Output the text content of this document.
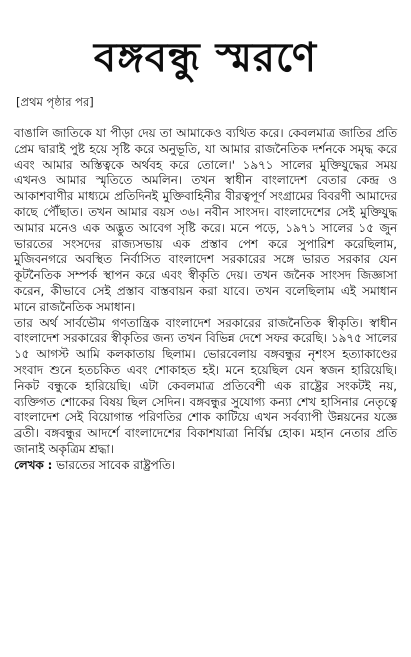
বঙ্গবন্ধু স্মরণে

[প্রথম পৃষ্ঠার পর]

বাঙালি জাতিকে যা পীড়া দেয় তা আমাকেও ব্যথিত করে। কেবলমাত্র জাতির প্রতি প্রেম দ্বারাই পুষ্ট হয়ে সৃষ্টি করে অনুভূতি, যা আমার রাজনৈতিক দর্শনকে সমৃদ্ধ করে এবং আমার অস্তিত্বকে অর্থবহ করে তোলে।' ১৯৭১ সালের মুক্তিযুদ্ধের সময় এখনও আমার স্মৃতিতে অমলিন। তখন স্বাধীন বাংলাদেশ বেতার কেন্দ্র ও আকাশবাণীর মাধ্যমে প্রতিদিনই মুক্তিবাহিনীর বীরত্বপূর্ণ সংগ্রামের বিবরণী আমাদের কাছে পৌঁছাত। তখন আমার বয়স ৩৬। নবীন সাংসদ। বাংলাদেশের সেই মুক্তিযুদ্ধ আমার মনেও এক অদ্ভুত আবেগ সৃষ্টি করে। মনে পড়ে, ১৯৭১ সালের ১৫ জুন ভারতের সংসদের রাজ্যসভায় এক প্রস্তাব পেশ করে সুপারিশ করেছিলাম, মুজিবনগরে অবস্থিত নির্বাসিত বাংলাদেশ সরকারের সঙ্গে ভারত সরকার যেন কূটনৈতিক সম্পর্ক স্থাপন করে এবং স্বীকৃতি দেয়। তখন জনৈক সাংসদ জিজ্ঞাসা করেন, কীভাবে সেই প্রস্তাব বাস্তবায়ন করা যাবে। তখন বলেছিলাম এই সমাধান মানে রাজনৈতিক সমাধান।

তার অর্থ সার্বভৌম গণতান্ত্রিক বাংলাদেশ সরকারের রাজনৈতিক স্বীকৃতি। স্বাধীন বাংলাদেশ সরকারের স্বীকৃতির জন্য তখন বিভিন্ন দেশে সফর করেছি। ১৯৭৫ সালের ১৫ আগস্ট আমি কলকাতায় ছিলাম। ভোরবেলায় বঙ্গবন্ধুর নৃশংস হত্যাকাণ্ডের সংবাদ শুনে হতচকিত এবং শোকাহত হই। মনে হয়েছিল যেন স্বজন হারিয়েছি। নিকট বন্ধুকে হারিয়েছি। এটা কেবলমাত্র প্রতিবেশী এক রাষ্ট্রের সংকটই নয়, ব্যক্তিগত শোকের বিষয় ছিল সেদিন। বঙ্গবন্ধুর সুযোগ্য কন্যা শেখ হাসিনার নেতৃত্বে বাংলাদেশ সেই বিয়োগান্ত পরিণতির শোক কাটিয়ে এখন সর্বব্যাপী উন্নয়নের যজ্ঞে ব্রতী। বঙ্গবন্ধুর আদর্শে বাংলাদেশের বিকাশযাত্রা নির্বিঘ্ন হোক। মহান নেতার প্রতি জানাই অকৃত্রিম শ্রদ্ধা।

লেখক : ভারতের সাবেক রাষ্ট্রপতি।
